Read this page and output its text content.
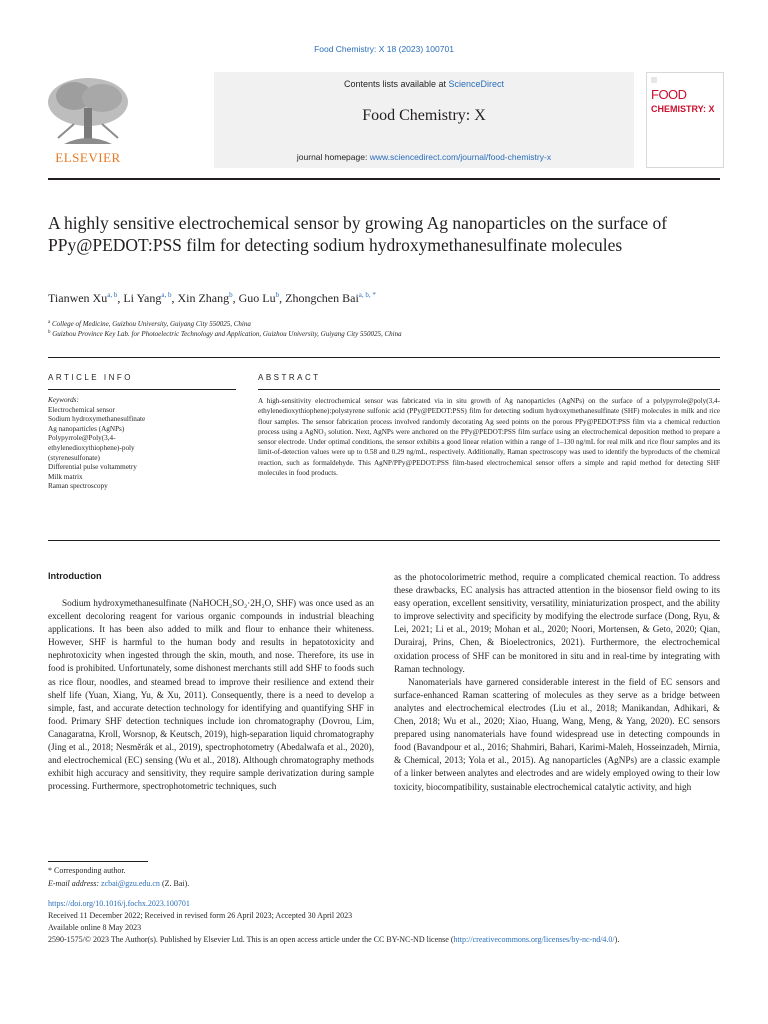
Food Chemistry: X 18 (2023) 100701
ELSEVIER
Contents lists available at ScienceDirect
Food Chemistry: X
journal homepage: www.sciencedirect.com/journal/food-chemistry-x
FOOD
CHEMISTRY: X
A highly sensitive electrochemical sensor by growing Ag nanoparticles on the surface of PPy@PEDOT:PSS film for detecting sodium hydroxymethanesulfinate molecules
Tianwen Xu$^{a, b}$, Li Yang$^{a, b}$, Xin Zhang$^b$, Guo Lu$^b$, Zhongchen Bai$^{a, b, *}$
$^a$ College of Medicine, Guizhou University, Guiyang City 550025, China
$^b$ Guizhou Province Key Lab. for Photoelectric Technology and Application, Guizhou University, Guiyang City 550025, China
ARTICLE INFO	ABSTRACT
Keywords:
Electrochemical sensor
Sodium hydroxymethanesulfinate
Ag nanoparticles (AgNPs)
Polypyrrole@Poly(3,4-
ethylenedioxythiophene)-poly
(styrenesulfonate)
Differential pulse voltammetry
Milk matrix
Raman spectroscopy
A high-sensitivity electrochemical sensor was fabricated via in situ growth of Ag nanoparticles (AgNPs) on the surface of a polypyrrole@poly(3,4-ethylenedioxythiophene):polystyrene sulfonic acid (PPy@PEDOT:PSS) film for detecting sodium hydroxymethanesulfinate (SHF) molecules in milk and rice flour samples. The sensor fabrication process involved randomly decorating Ag seed points on the porous PPy@PEDOT:PSS film via a chemical reduction process using a AgNO₃ solution. Next, AgNPs were anchored on the PPy@PEDOT:PSS film surface using an electrochemical deposition method to prepare a sensor electrode. Under optimal conditions, the sensor exhibits a good linear relation within a range of 1–130 ng/mL for real milk and rice flour samples and its limit-of-detection values were up to 0.58 and 0.29 ng/mL, respectively. Additionally, Raman spectroscopy was used to identify the byproducts of the chemical reaction, such as formaldehyde. This AgNP/PPy@PEDOT:PSS film-based electrochemical sensor offers a simple and rapid method for detecting SHF molecules in food products.
Introduction

Sodium hydroxymethanesulfinate (NaHOCH₂SO₂·2H₂O, SHF) was once used as an excellent decoloring reagent for various organic compounds in industrial bleaching applications. It has been also added to milk and flour to enhance their whiteness. However, SHF is harmful to the human body and results in hepatotoxicity and nephrotoxicity when ingested through the skin, mouth, and nose. Therefore, its use in food is prohibited. Unfortunately, some dishonest merchants still add SHF to foods such as rice flour, noodles, and steamed bread to improve their resilience and extend their shelf life (Yuan, Xiang, Yu, & Xu, 2011). Consequently, there is a need to develop a simple, fast, and accurate detection technology for identifying and quantifying SHF in food. Primary SHF detection techniques include ion chromatography (Dovrou, Lim, Canagaratna, Kroll, Worsnop, & Keutsch, 2019), high-separation liquid chromatography (Jing et al., 2018; Nesměrák et al., 2019), spectrophotometry (Abedalwafa et al., 2020), and electrochemical (EC) sensing (Wu et al., 2018). Although chromatography methods exhibit high accuracy and sensitivity, they require sample derivatization during sample processing. Furthermore, spectrophotometric techniques, such

as the photocolorimetric method, require a complicated chemical reaction. To address these drawbacks, EC analysis has attracted attention in the biosensor field owing to its easy operation, excellent sensitivity, versatility, miniaturization prospect, and the ability to improve selectivity and specificity by modifying the electrode surface (Dong, Ryu, & Lei, 2021; Li et al., 2019; Mohan et al., 2020; Noori, Mortensen, & Geto, 2020; Qian, Durairaj, Prins, Chen, & Bioelectronics, 2021). Furthermore, the electrochemical oxidation process of SHF can be monitored in situ and in real-time by integrating with Raman technology.

Nanomaterials have garnered considerable interest in the field of EC sensors and surface-enhanced Raman scattering of molecules as they serve as a bridge between analytes and electrochemical electrodes (Liu et al., 2018; Manikandan, Adhikari, & Chen, 2018; Wu et al., 2020; Xiao, Huang, Wang, Meng, & Yang, 2020). EC sensors prepared using nanomaterials have found widespread use in detecting compounds in food (Bavandpour et al., 2016; Shahmiri, Bahari, Karimi-Maleh, Hosseinzadeh, Mirnia, & Chemical, 2013; Yola et al., 2015). Ag nanoparticles (AgNPs) are a classic example of a linker between analytes and electrodes and are widely employed owing to their low toxicity, biocompatibility, sustainable electrochemical catalytic activity, and high

* Corresponding author.
E-mail address: zcbai@gzu.edu.cn (Z. Bai).
https://doi.org/10.1016/j.fochx.2023.100701
Received 11 December 2022; Received in revised form 26 April 2023; Accepted 30 April 2023
Available online 8 May 2023
2590-1575/© 2023 The Author(s). Published by Elsevier Ltd. This is an open access article under the CC BY-NC-ND license (http://creativecommons.org/licenses/by-nc-nd/4.0/).
